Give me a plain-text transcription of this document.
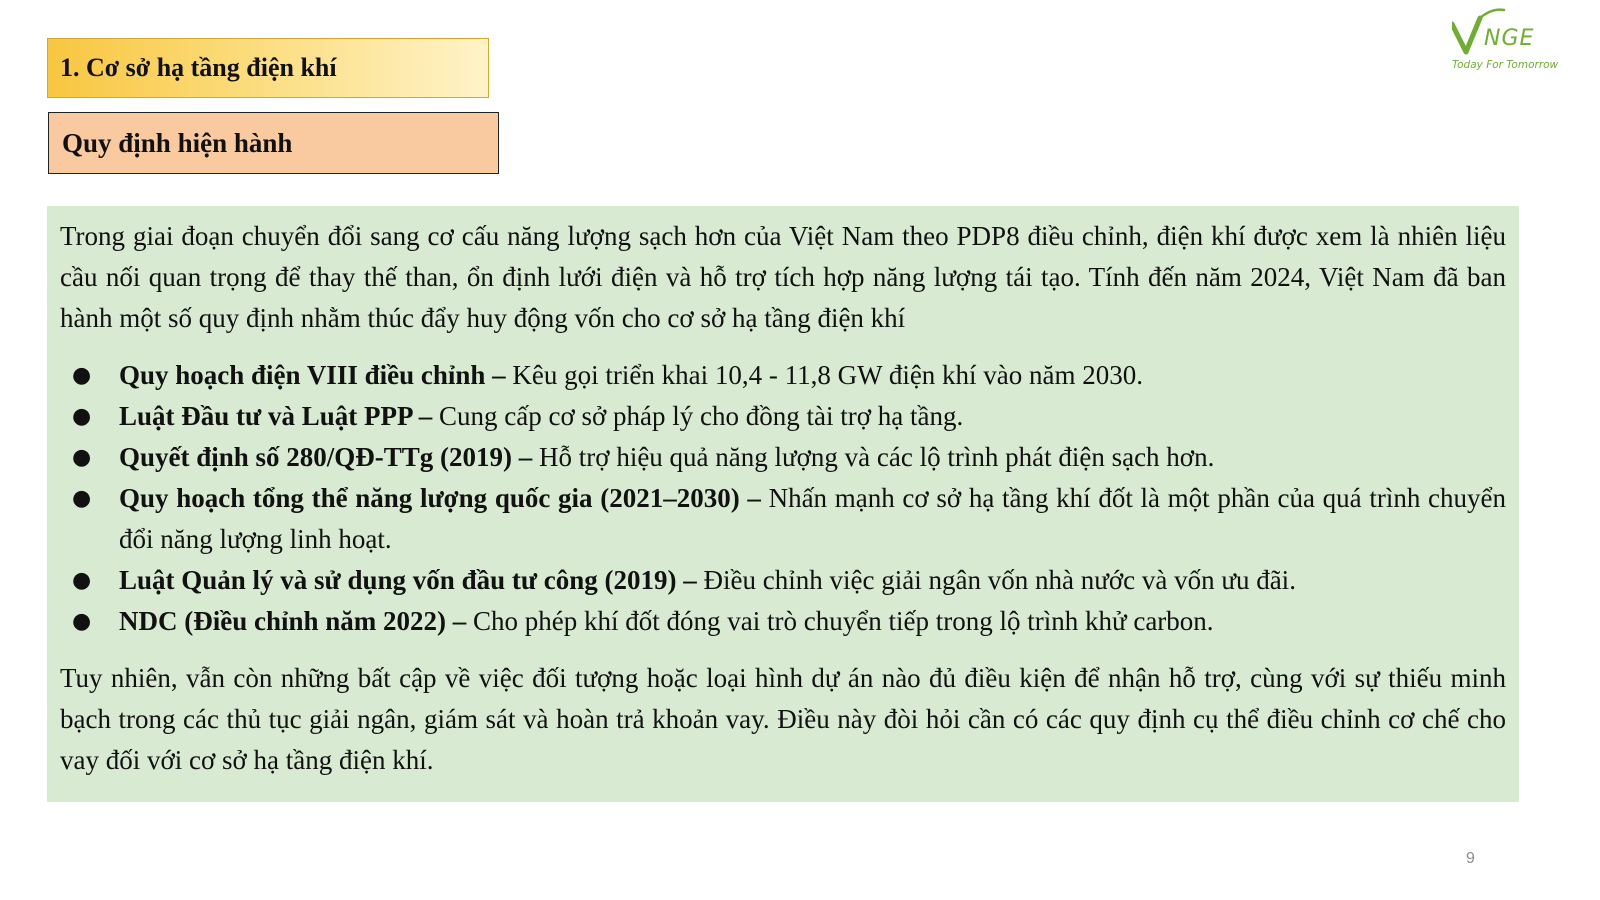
1. Cơ sở hạ tầng điện khí
Quy định hiện hành
NGE
Today For Tomorrow

Trong giai đoạn chuyển đổi sang cơ cấu năng lượng sạch hơn của Việt Nam theo PDP8 điều chỉnh, điện khí được xem là nhiên liệu cầu nối quan trọng để thay thế than, ổn định lưới điện và hỗ trợ tích hợp năng lượng tái tạo. Tính đến năm 2024, Việt Nam đã ban hành một số quy định nhằm thúc đẩy huy động vốn cho cơ sở hạ tầng điện khí

● Quy hoạch điện VIII điều chỉnh – Kêu gọi triển khai 10,4 - 11,8 GW điện khí vào năm 2030.
● Luật Đầu tư và Luật PPP – Cung cấp cơ sở pháp lý cho đồng tài trợ hạ tầng.
● Quyết định số 280/QĐ-TTg (2019) – Hỗ trợ hiệu quả năng lượng và các lộ trình phát điện sạch hơn.
● Quy hoạch tổng thể năng lượng quốc gia (2021–2030) – Nhấn mạnh cơ sở hạ tầng khí đốt là một phần của quá trình chuyển đổi năng lượng linh hoạt.
● Luật Quản lý và sử dụng vốn đầu tư công (2019) – Điều chỉnh việc giải ngân vốn nhà nước và vốn ưu đãi.
● NDC (Điều chỉnh năm 2022) – Cho phép khí đốt đóng vai trò chuyển tiếp trong lộ trình khử carbon.

Tuy nhiên, vẫn còn những bất cập về việc đối tượng hoặc loại hình dự án nào đủ điều kiện để nhận hỗ trợ, cùng với sự thiếu minh bạch trong các thủ tục giải ngân, giám sát và hoàn trả khoản vay. Điều này đòi hỏi cần có các quy định cụ thể điều chỉnh cơ chế cho vay đối với cơ sở hạ tầng điện khí.

9
